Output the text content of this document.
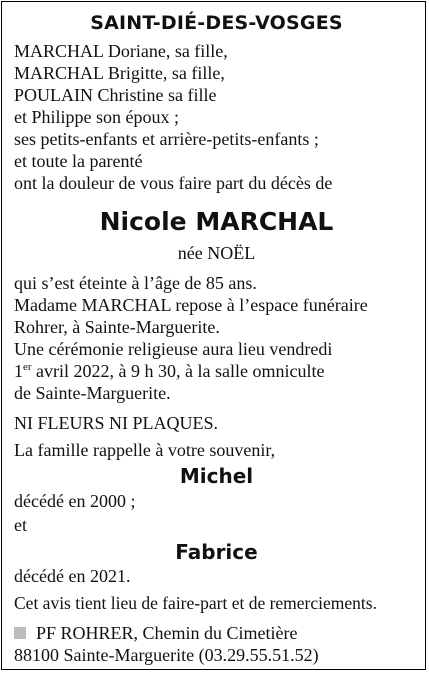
SAINT-DIÉ-DES-VOSGES
MARCHAL Doriane, sa fille,
MARCHAL Brigitte, sa fille,
POULAIN Christine sa fille
et Philippe son époux ;
ses petits-enfants et arrière-petits-enfants ;
et toute la parenté
ont la douleur de vous faire part du décès de
Nicole MARCHAL
née NOËL
qui s’est éteinte à l’âge de 85 ans.
Madame MARCHAL repose à l’espace funéraire
Rohrer, à Sainte-Marguerite.
Une cérémonie religieuse aura lieu vendredi
1er avril 2022, à 9 h 30, à la salle omniculte
de Sainte-Marguerite.
NI FLEURS NI PLAQUES.
La famille rappelle à votre souvenir,
Michel
décédé en 2000 ;
et
Fabrice
décédé en 2021.
Cet avis tient lieu de faire-part et de remerciements.
PF ROHRER, Chemin du Cimetière
88100 Sainte-Marguerite (03.29.55.51.52)
